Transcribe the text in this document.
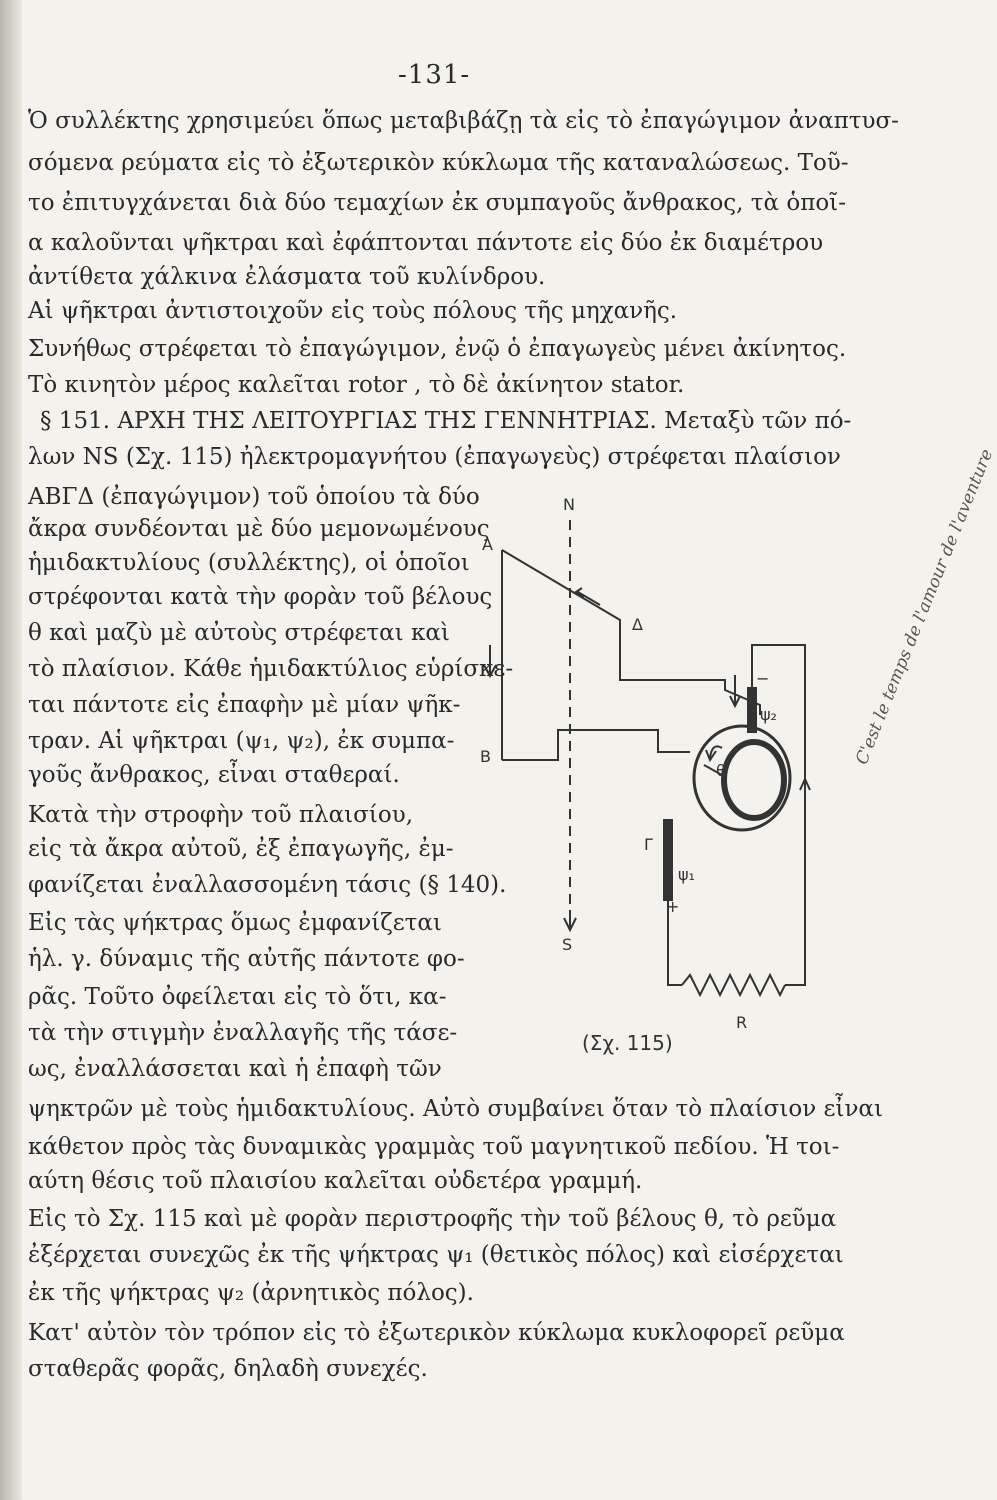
-131-
Ὁ συλλέκτης χρησιμεύει ὅπως μεταβιβάζῃ τὰ εἰς τὸ ἐπαγώγιμον ἀναπτυσ-
σόμενα ρεύματα εἰς τὸ ἐξωτερικὸν κύκλωμα τῆς καταναλώσεως. Τοῦ-
το ἐπιτυγχάνεται διὰ δύο τεμαχίων ἐκ συμπαγοῦς ἄνθρακος, τὰ ὁποῖ-
α καλοῦνται ψῆκτραι καὶ ἐφάπτονται πάντοτε εἰς δύο ἐκ διαμέτρου
ἀντίθετα χάλκινα ἐλάσματα τοῦ κυλίνδρου.
Αἱ ψῆκτραι ἀντιστοιχοῦν εἰς τοὺς πόλους τῆς μηχανῆς.
Συνήθως στρέφεται τὸ ἐπαγώγιμον, ἐνῷ ὁ ἐπαγωγεὺς μένει ἀκίνητος.
Τὸ κινητὸν μέρος καλεῖται rotor , τὸ δὲ ἀκίνητον stator.
§ 151. ΑΡΧΗ ΤΗΣ ΛΕΙΤΟΥΡΓΙΑΣ ΤΗΣ ΓΕΝΝΗΤΡΙΑΣ. Μεταξὺ τῶν πό-
λων NS (Σχ. 115) ἠλεκτρομαγνήτου (ἐπαγωγεὺς) στρέφεται πλαίσιον
ΑΒΓΔ (ἐπαγώγιμον) τοῦ ὁποίου τὰ δύο
ἄκρα συνδέονται μὲ δύο μεμονωμένους
ἡμιδακτυλίους (συλλέκτης), οἱ ὁποῖοι
στρέφονται κατὰ τὴν φορὰν τοῦ βέλους
θ καὶ μαζὺ μὲ αὐτοὺς στρέφεται καὶ
τὸ πλαίσιον. Κάθε ἡμιδακτύλιος εὑρίσκε-
ται πάντοτε εἰς ἐπαφὴν μὲ μίαν ψῆκ-
τραν. Αἱ ψῆκτραι (ψ₁, ψ₂), ἐκ συμπα-
γοῦς ἄνθρακος, εἶναι σταθεραί.
Κατὰ τὴν στροφὴν τοῦ πλαισίου,
εἰς τὰ ἄκρα αὐτοῦ, ἐξ ἐπαγωγῆς, ἐμ-
φανίζεται ἐναλλασσομένη τάσις (§ 140).
Εἰς τὰς ψήκτρας ὅμως ἐμφανίζεται
ἡλ. γ. δύναμις τῆς αὐτῆς πάντοτε φο-
ρᾶς. Τοῦτο ὀφείλεται εἰς τὸ ὅτι, κα-
τὰ τὴν στιγμὴν ἐναλλαγῆς τῆς τάσε-
ως, ἐναλλάσσεται καὶ ἡ ἐπαφὴ τῶν
ψηκτρῶν μὲ τοὺς ἡμιδακτυλίους. Αὐτὸ συμβαίνει ὅταν τὸ πλαίσιον εἶναι
κάθετον πρὸς τὰς δυναμικὰς γραμμὰς τοῦ μαγνητικοῦ πεδίου. Ἡ τοι-
αύτη θέσις τοῦ πλαισίου καλεῖται οὐδετέρα γραμμή.
Εἰς τὸ Σχ. 115 καὶ μὲ φορὰν περιστροφῆς τὴν τοῦ βέλους θ, τὸ ρεῦμα
ἐξέρχεται συνεχῶς ἐκ τῆς ψήκτρας ψ₁ (θετικὸς πόλος) καὶ εἰσέρχεται
ἐκ τῆς ψήκτρας ψ₂ (ἀρνητικὸς πόλος).
Κατ' αὐτὸν τὸν τρόπον εἰς τὸ ἐξωτερικὸν κύκλωμα κυκλοφορεῖ ρεῦμα
σταθερᾶς φορᾶς, δηλαδὴ συνεχές.
N
A
Δ
B
θ
Γ
ψ₂
−
ψ₁
+
S
R
(Σχ. 115)
C'est le temps de l'amour de l'aventure
